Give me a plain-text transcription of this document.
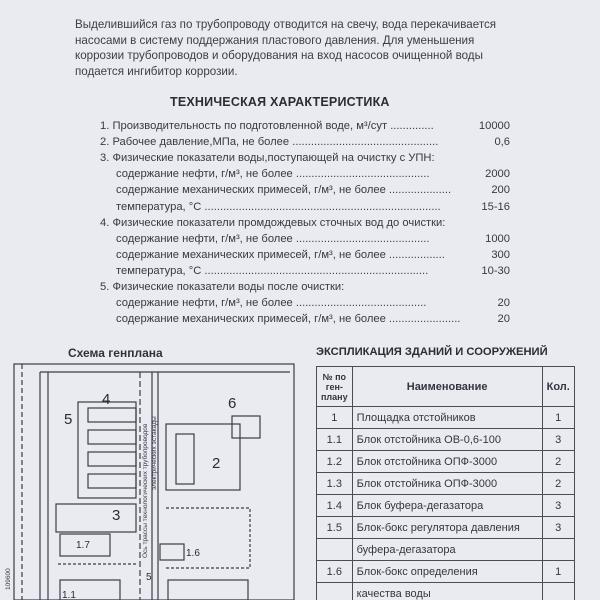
Выделившийся газ по трубопроводу отводится на свечу, вода перекачивается насосами в систему поддержания пластового давления. Для уменьшения коррозии трубопроводов и оборудования на вход насосов очищенной воды подается ингибитор коррозии.

ТЕХНИЧЕСКАЯ ХАРАКТЕРИСТИКА
1. Производительность по подготовленной воде, м³/сут ..............	10000
2. Рабочее давление,МПа, не более ...............................................	0,6
3. Физические показатели воды,поступающей на очистку с УПН:
содержание нефти, г/м³, не более ...........................................	2000
содержание механических примесей, г/м³, не более ....................	200
температура, °С ............................................................................	15-16
4. Физические показатели промдождевых сточных вод до очистки:
содержание нефти, г/м³, не более ...........................................	1000
содержание механических примесей, г/м³, не более ..................	300
температура, °С ........................................................................	10-30
5. Физические показатели воды после очистки:
содержание нефти, г/м³, не более ..........................................	20
содержание механических примесей, г/м³, не более .......................	20
Схема генплана	ЭКСПЛИКАЦИЯ ЗДАНИЙ И СООРУЖЕНИЙ
№ по ген-плану	Наименование	Кол.
1	Площадка отстойников	1
1.1	Блок отстойника ОВ-0,6-100	3
1.2	Блок отстойника ОПФ-3000	2
1.3	Блок отстойника ОПФ-3000	2
1.4	Блок буфера-дегазатора	3
1.5	Блок-бокс регулятора давления	3
	буфера-дегазатора	
1.6	Блок-бокс определения	1
	качества воды	
4
5
6
2
3
1.7
1.6
5
1.1
Ось трассы технологических трубопроводов электрических эстакады
109600
